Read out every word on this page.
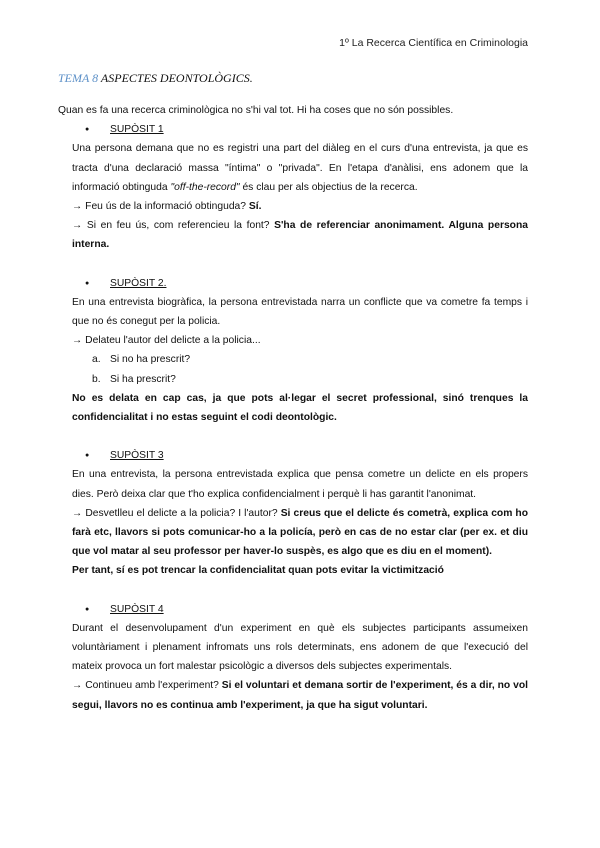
1º La Recerca Científica en Criminologia
TEMA 8 ASPECTES DEONTOLÒGICS.

Quan es fa una recerca criminològica no s'hi val tot. Hi ha coses que no són possibles.

● SUPÒSIT 1

Una persona demana que no es registri una part del diàleg en el curs d'una entrevista, ja que es tracta d'una declaració massa "íntima" o "privada". En l'etapa d'anàlisi, ens adonem que la informació obtinguda "off-the-record" és clau per als objectius de la recerca.

→ Feu ús de la informació obtinguda? Sí.

→ Si en feu ús, com referencieu la font? S'ha de referenciar anonimament. Alguna persona interna.

● SUPÒSIT 2.

En una entrevista biogràfica, la persona entrevistada narra un conflicte que va cometre fa temps i que no és conegut per la policia.

→ Delateu l'autor del delicte a la policia...

a. Si no ha prescrit?

b. Si ha prescrit?

No es delata en cap cas, ja que pots al·legar el secret professional, sinó trenques la confidencialitat i no estas seguint el codi deontològic.

● SUPÒSIT 3

En una entrevista, la persona entrevistada explica que pensa cometre un delicte en els propers dies. Però deixa clar que t'ho explica confidencialment i perquè li has garantit l'anonimat.

→ Desvetlleu el delicte a la policia? I l'autor? Si creus que el delicte és cometrà, explica com ho farà etc, llavors si pots comunicar-ho a la policía, però en cas de no estar clar (per ex. et diu que vol matar al seu professor per haver-lo suspès, es algo que es diu en el moment).

Per tant, sí es pot trencar la confidencialitat quan pots evitar la victimització

● SUPÒSIT 4

Durant el desenvolupament d'un experiment en què els subjectes participants assumeixen voluntàriament i plenament infromats uns rols determinats, ens adonem de que l'execució del mateix provoca un fort malestar psicològic a diversos dels subjectes experimentals.

→ Continueu amb l'experiment? Si el voluntari et demana sortir de l'experiment, és a dir, no vol segui, llavors no es continua amb l'experiment, ja que ha sigut voluntari.
